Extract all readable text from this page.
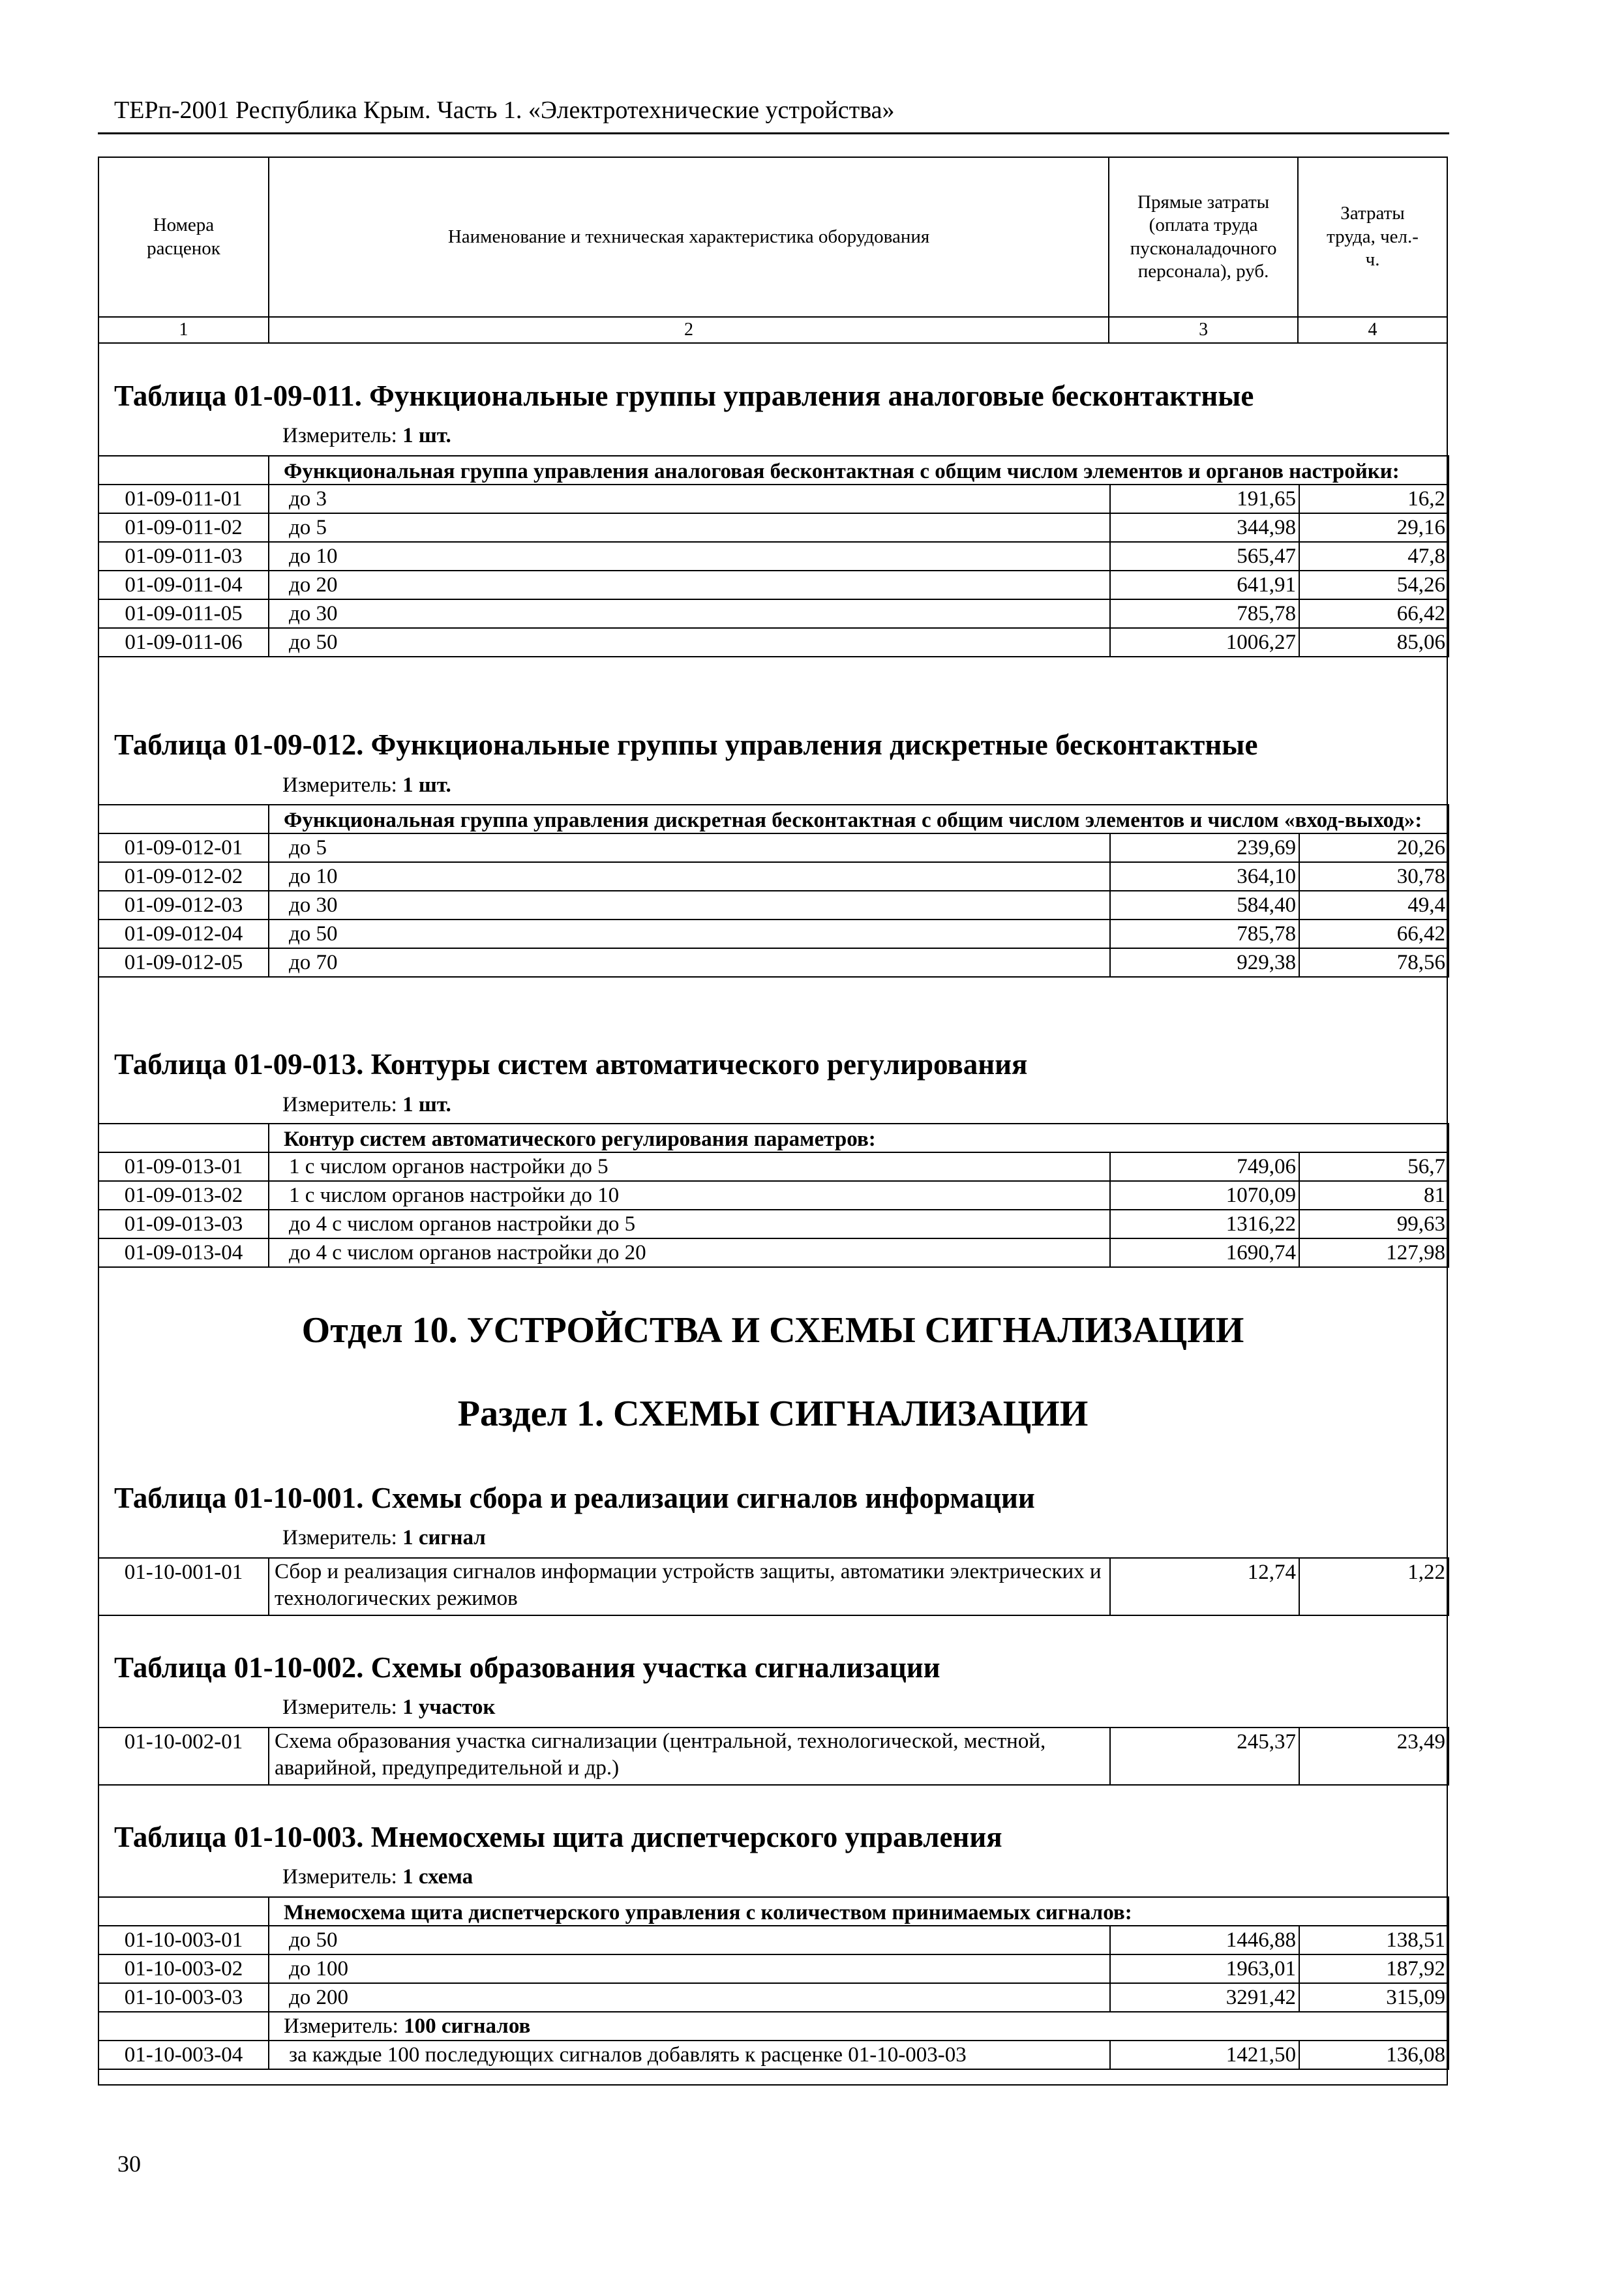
ТЕРп-2001 Республика Крым. Часть 1. «Электротехнические устройства»
Номера расценок	Наименование и техническая характеристика оборудования	Прямые затраты (оплата труда пусконаладочного персонала), руб.	Затраты труда, чел.-ч.
1	2	3	4
Таблица 01-09-011. Функциональные группы управления аналоговые бесконтактные
Измеритель: 1 шт.
	Функциональная группа управления аналоговая бесконтактная с общим числом элементов и органов настройки:		
01-09-011-01	до 3	191,65	16,2
01-09-011-02	до 5	344,98	29,16
01-09-011-03	до 10	565,47	47,8
01-09-011-04	до 20	641,91	54,26
01-09-011-05	до 30	785,78	66,42
01-09-011-06	до 50	1006,27	85,06
Таблица 01-09-012. Функциональные группы управления дискретные бесконтактные
Измеритель: 1 шт.
	Функциональная группа управления дискретная бесконтактная с общим числом элементов и числом «вход-выход»:		
01-09-012-01	до 5	239,69	20,26
01-09-012-02	до 10	364,10	30,78
01-09-012-03	до 30	584,40	49,4
01-09-012-04	до 50	785,78	66,42
01-09-012-05	до 70	929,38	78,56
Таблица 01-09-013. Контуры систем автоматического регулирования
Измеритель: 1 шт.
	Контур систем автоматического регулирования параметров:		
01-09-013-01	1 с числом органов настройки до 5	749,06	56,7
01-09-013-02	1 с числом органов настройки до 10	1070,09	81
01-09-013-03	до 4 с числом органов настройки до 5	1316,22	99,63
01-09-013-04	до 4 с числом органов настройки до 20	1690,74	127,98
Отдел 10. УСТРОЙСТВА И СХЕМЫ СИГНАЛИЗАЦИИ
Раздел 1. СХЕМЫ СИГНАЛИЗАЦИИ
Таблица 01-10-001. Схемы сбора и реализации сигналов информации
Измеритель: 1 сигнал
01-10-001-01	Сбор и реализация сигналов информации устройств защиты, автоматики электрических и технологических режимов	12,74	1,22
Таблица 01-10-002. Схемы образования участка сигнализации
Измеритель: 1 участок
01-10-002-01	Схема образования участка сигнализации (центральной, технологической, местной, аварийной, предупредительной и др.)	245,37	23,49
Таблица 01-10-003. Мнемосхемы щита диспетчерского управления
Измеритель: 1 схема
	Мнемосхема щита диспетчерского управления с количеством принимаемых сигналов:		
01-10-003-01	до 50	1446,88	138,51
01-10-003-02	до 100	1963,01	187,92
01-10-003-03	до 200	3291,42	315,09
	Измеритель: 100 сигналов		
01-10-003-04	за каждые 100 последующих сигналов добавлять к расценке 01-10-003-03	1421,50	136,08
30
